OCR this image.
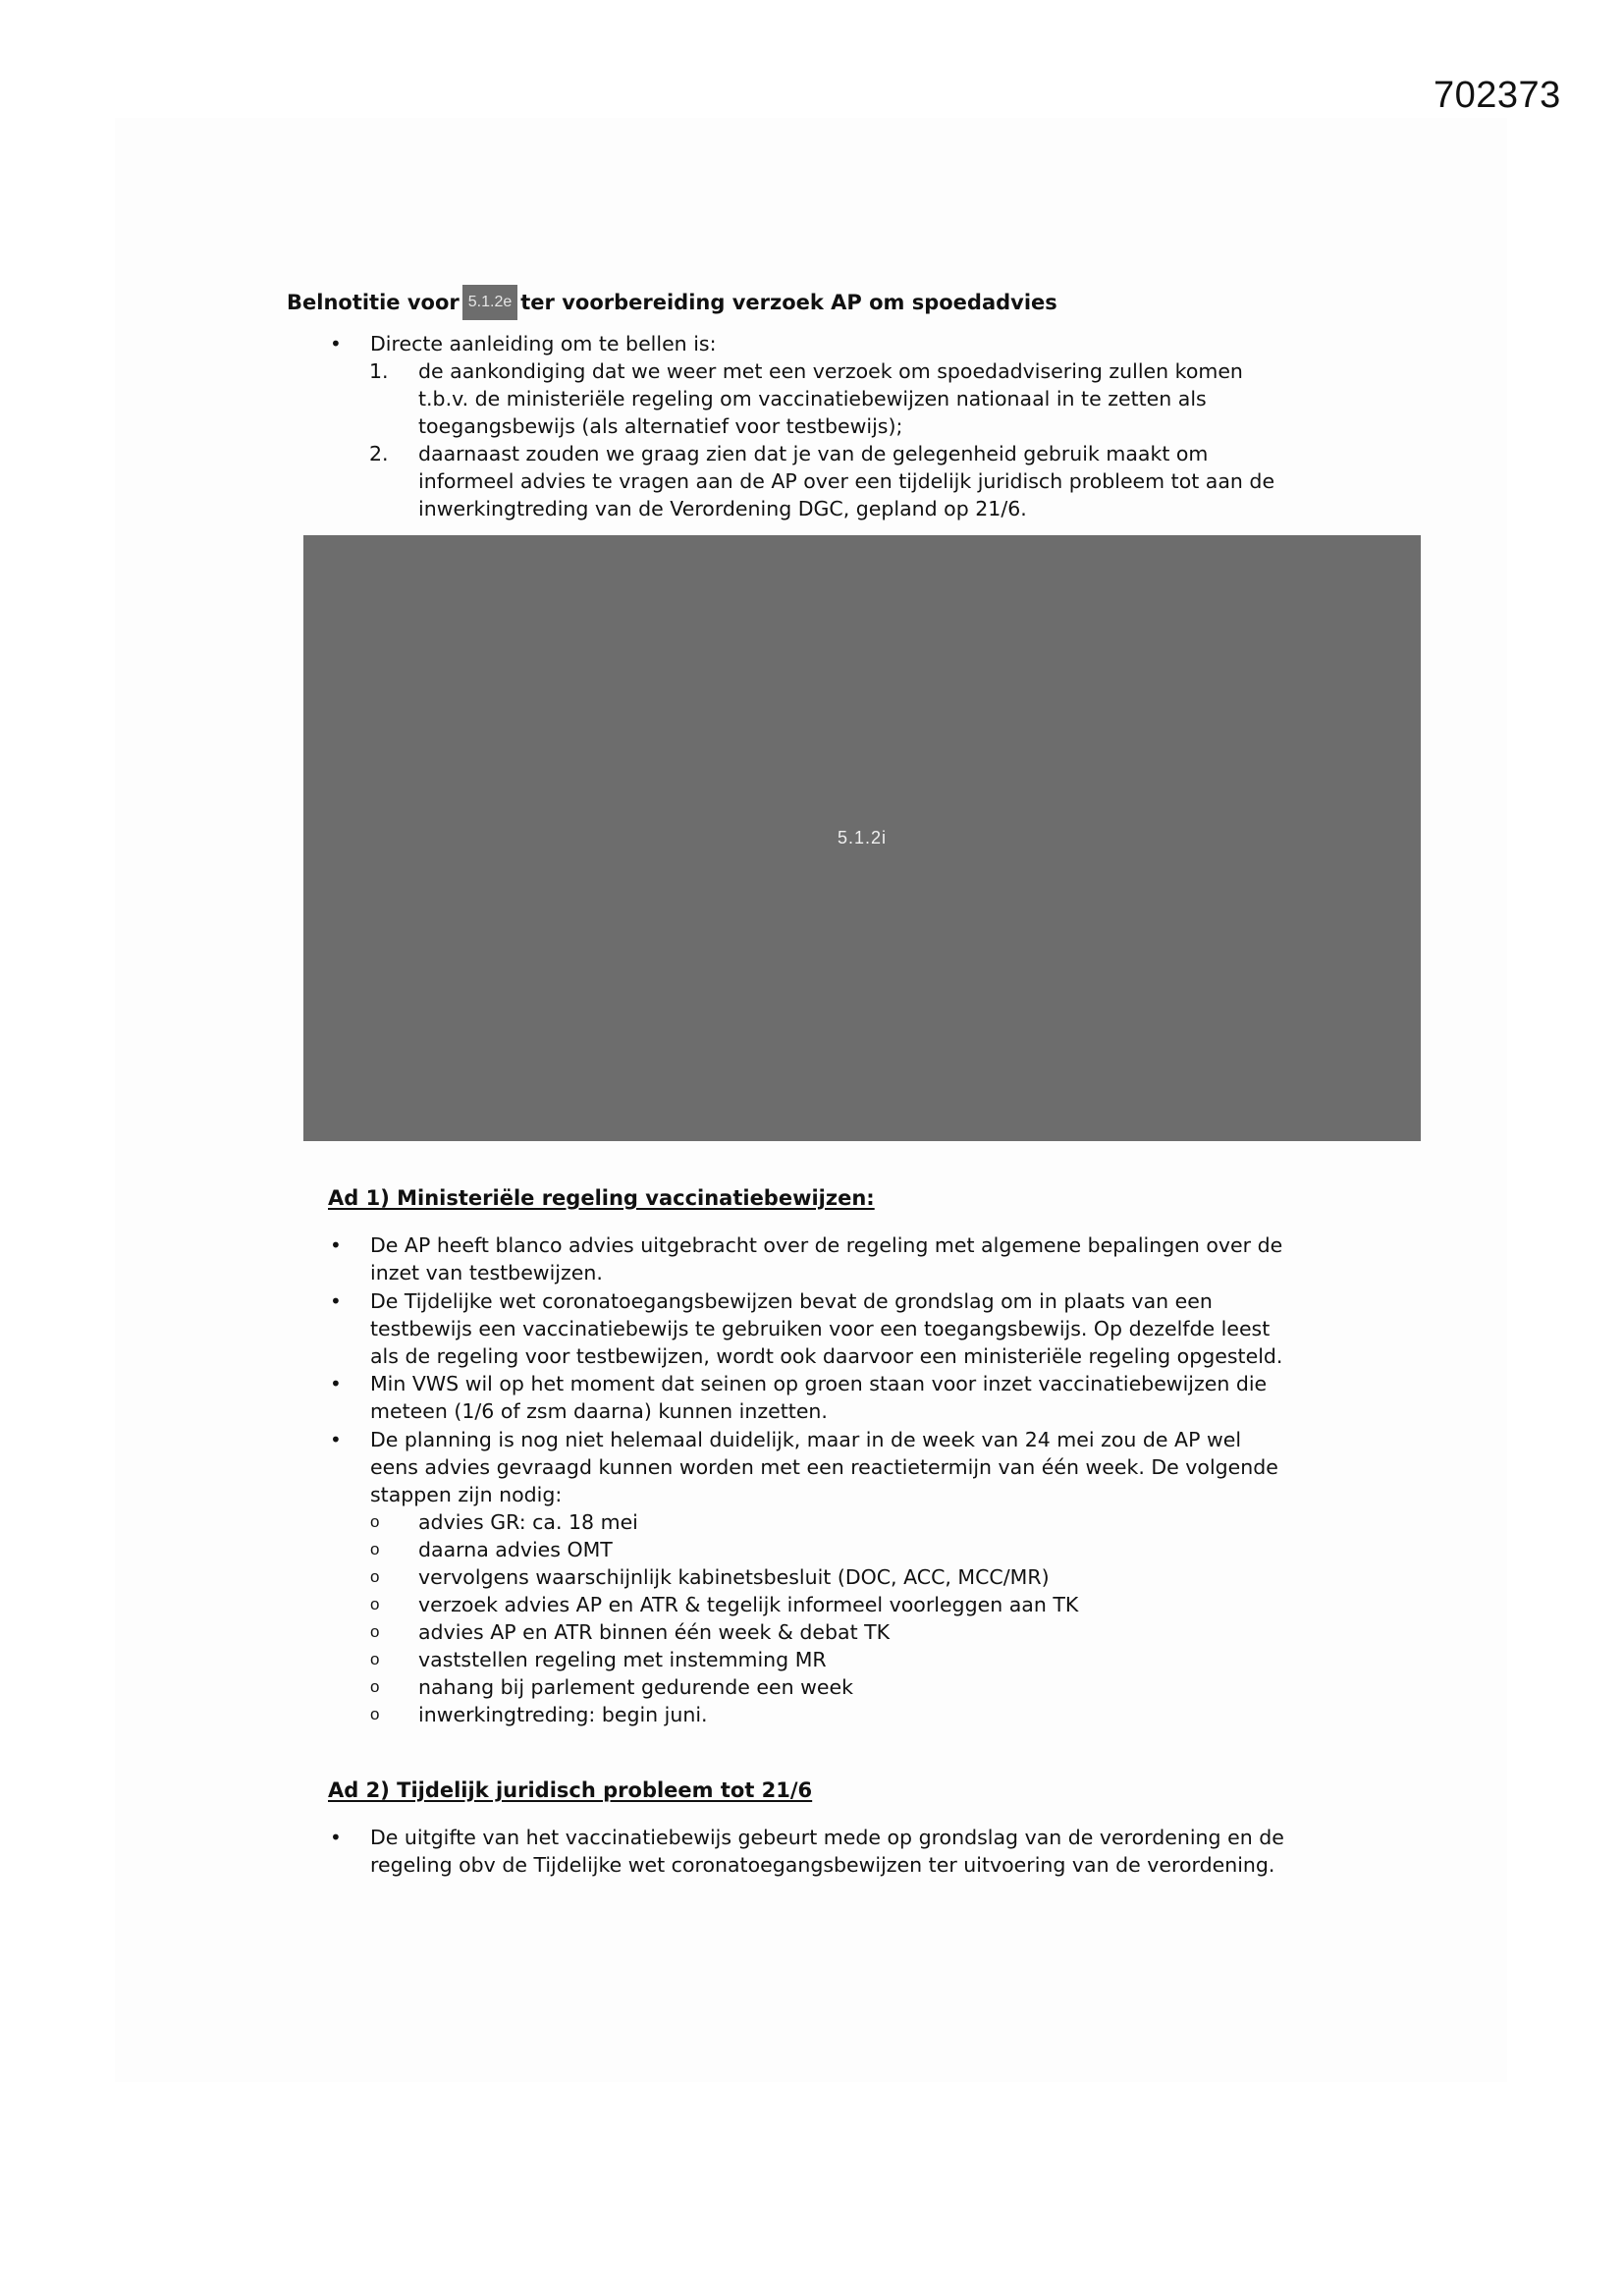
702373
Belnotitie voor 5.1.2e ter voorbereiding verzoek AP om spoedadvies
• Directe aanleiding om te bellen is:
1. de aankondiging dat we weer met een verzoek om spoedadvisering zullen komen
t.b.v. de ministeriële regeling om vaccinatiebewijzen nationaal in te zetten als
toegangsbewijs (als alternatief voor testbewijs);
2. daarnaast zouden we graag zien dat je van de gelegenheid gebruik maakt om
informeel advies te vragen aan de AP over een tijdelijk juridisch probleem tot aan de
inwerkingtreding van de Verordening DGC, gepland op 21/6.
5.1.2i
Ad 1) Ministeriële regeling vaccinatiebewijzen:
• De AP heeft blanco advies uitgebracht over de regeling met algemene bepalingen over de
inzet van testbewijzen.
• De Tijdelijke wet coronatoegangsbewijzen bevat de grondslag om in plaats van een
testbewijs een vaccinatiebewijs te gebruiken voor een toegangsbewijs. Op dezelfde leest
als de regeling voor testbewijzen, wordt ook daarvoor een ministeriële regeling opgesteld.
• Min VWS wil op het moment dat seinen op groen staan voor inzet vaccinatiebewijzen die
meteen (1/6 of zsm daarna) kunnen inzetten.
• De planning is nog niet helemaal duidelijk, maar in de week van 24 mei zou de AP wel
eens advies gevraagd kunnen worden met een reactietermijn van één week. De volgende
stappen zijn nodig:
o advies GR: ca. 18 mei
o daarna advies OMT
o vervolgens waarschijnlijk kabinetsbesluit (DOC, ACC, MCC/MR)
o verzoek advies AP en ATR & tegelijk informeel voorleggen aan TK
o advies AP en ATR binnen één week & debat TK
o vaststellen regeling met instemming MR
o nahang bij parlement gedurende een week
o inwerkingtreding: begin juni.
Ad 2) Tijdelijk juridisch probleem tot 21/6
• De uitgifte van het vaccinatiebewijs gebeurt mede op grondslag van de verordening en de
regeling obv de Tijdelijke wet coronatoegangsbewijzen ter uitvoering van de verordening.
